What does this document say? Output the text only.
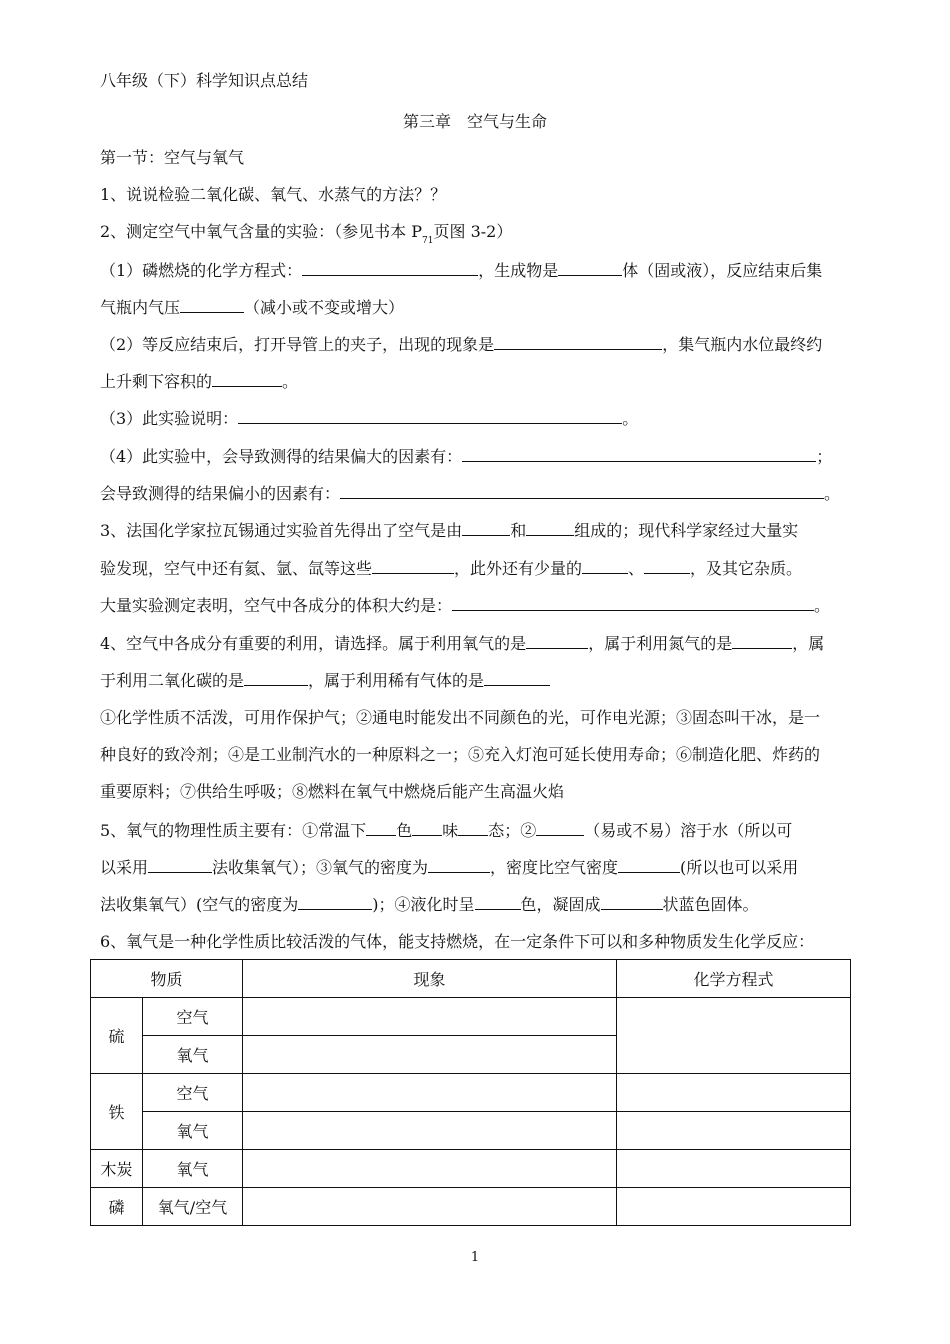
八年级（下）科学知识点总结
第三章　空气与生命
第一节：空气与氧气
1、说说检验二氧化碳、氧气、水蒸气的方法？？
2、测定空气中氧气含量的实验：（参见书本 $P_{71}$页图 3-2）
（1）磷燃烧的化学方程式：	，生成物是	体（固或液），反应结束后集
气瓶内气压	（减小或不变或增大）
（2）等反应结束后，打开导管上的夹子，出现的现象是	，集气瓶内水位最终约
上升剩下容积的	。
（3）此实验说明：	。
（4）此实验中，会导致测得的结果偏大的因素有：	；
会导致测得的结果偏小的因素有：	。
3、法国化学家拉瓦锡通过实验首先得出了空气是由	和	组成的；现代科学家经过大量实
验发现，空气中还有氦、氩、氙等这些	，此外还有少量的	、	，及其它杂质。
大量实验测定表明，空气中各成分的体积大约是：	。
4、空气中各成分有重要的利用，请选择。属于利用氧气的是	，属于利用氮气的是	，属
于利用二氧化碳的是	，属于利用稀有气体的是
①化学性质不活泼，可用作保护气；②通电时能发出不同颜色的光，可作电光源；③固态叫干冰，是一
种良好的致冷剂；④是工业制汽水的一种原料之一；⑤充入灯泡可延长使用寿命；⑥制造化肥、炸药的
重要原料；⑦供给生呼吸；⑧燃料在氧气中燃烧后能产生高温火焰
5、氧气的物理性质主要有：①常温下 色 味 态；②	（易或不易）溶于水（所以可
以采用	法收集氧气）；③氧气的密度为	，密度比空气密度	(所以也可以采用
法收集氧气）(空气的密度为	)；④液化时呈	色，凝固成	状蓝色固体。
6、氧气是一种化学性质比较活泼的气体，能支持燃烧，在一定条件下可以和多种物质发生化学反应：
物质		现象	化学方程式
硫	空气		
	氧气		
铁	空气		
	氧气		
木炭	氧气		
磷	氧气/空气		
1
